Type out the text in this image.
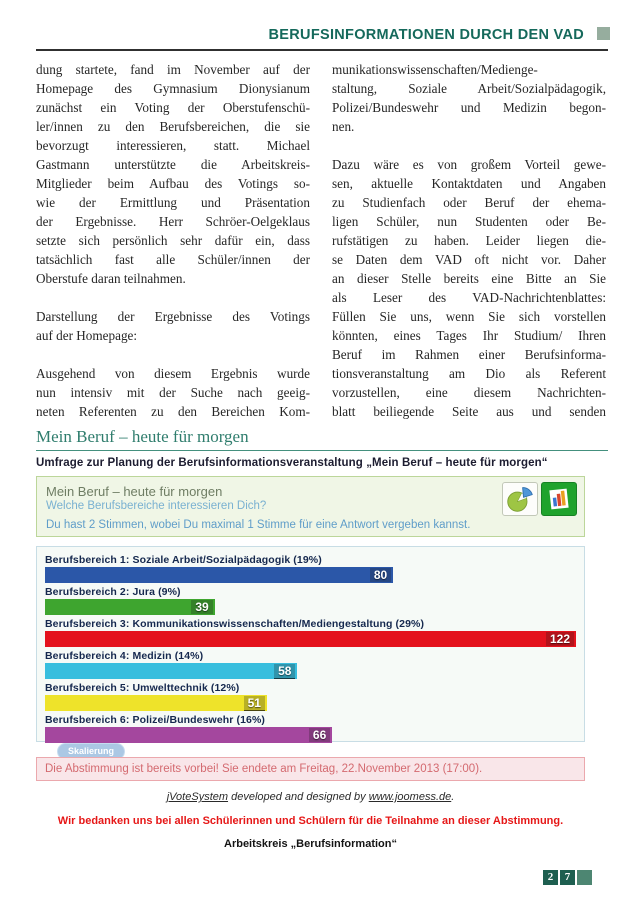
BERUFSINFORMATIONEN DURCH DEN VAD
dung startete, fand im November auf der
Homepage des Gymnasium Dionysianum
zunächst ein Voting der Oberstufenschü-
ler/innen zu den Berufsbereichen, die sie
bevorzugt interessieren, statt. Michael
Gastmann unterstützte die Arbeitskreis-
Mitglieder beim Aufbau des Votings so-
wie der Ermittlung und Präsentation
der Ergebnisse. Herr Schröer-Oelgeklaus
setzte sich persönlich sehr dafür ein, dass
tatsächlich fast alle Schüler/innen der
Oberstufe daran teilnahmen.
Darstellung der Ergebnisse des Votings
auf der Homepage:
Ausgehend von diesem Ergebnis wurde
nun intensiv mit der Suche nach geeig-
neten Referenten zu den Bereichen Kom-
munikationswissenschaften/Medienge-
staltung, Soziale Arbeit/Sozialpädagogik,
Polizei/Bundeswehr und Medizin begon-
nen.
Dazu wäre es von großem Vorteil gewe-
sen, aktuelle Kontaktdaten und Angaben
zu Studienfach oder Beruf der ehema-
ligen Schüler, nun Studenten oder Be-
rufstätigen zu haben. Leider liegen die-
se Daten dem VAD oft nicht vor. Daher
an dieser Stelle bereits eine Bitte an Sie
als Leser des VAD-Nachrichtenblattes:
Füllen Sie uns, wenn Sie sich vorstellen
könnten, eines Tages Ihr Studium/ Ihren
Beruf im Rahmen einer Berufsinforma-
tionsveranstaltung am Dio als Referent
vorzustellen, eine diesem Nachrichten-
blatt beiliegende Seite aus und senden
Mein Beruf – heute für morgen
Umfrage zur Planung der Berufsinformationsveranstaltung „Mein Beruf – heute für morgen“
Mein Beruf – heute für morgen
Welche Berufsbereiche interessieren Dich?
Du hast 2 Stimmen, wobei Du maximal 1 Stimme für eine Antwort vergeben kannst.
Berufsbereich 1: Soziale Arbeit/Sozialpädagogik (19%)
80
Berufsbereich 2: Jura (9%)
39
Berufsbereich 3: Kommunikationswissenschaften/Mediengestaltung (29%)
122
Berufsbereich 4: Medizin (14%)
58
Berufsbereich 5: Umwelttechnik (12%)
51
Berufsbereich 6: Polizei/Bundeswehr (16%)
66
Skalierung
Die Abstimmung ist bereits vorbei! Sie endete am Freitag, 22.November 2013 (17:00).
jVoteSystem developed and designed by www.joomess.de.
Wir bedanken uns bei allen Schülerinnen und Schülern für die Teilnahme an dieser Abstimmung.
Arbeitskreis „Berufsinformation“
2	7
